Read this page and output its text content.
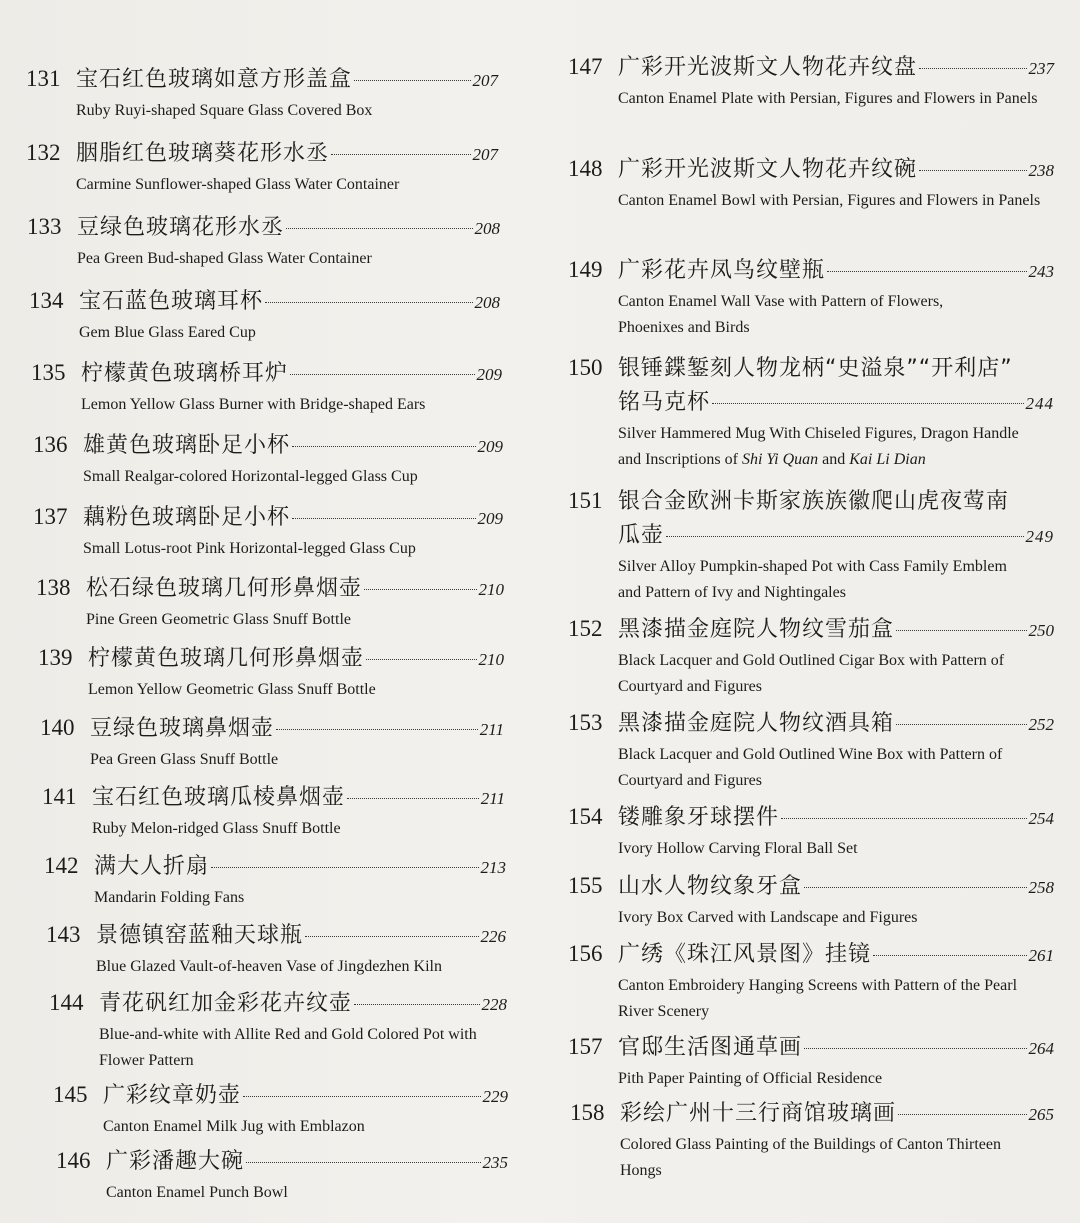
131 宝石红色玻璃如意方形盖盒	207
Ruby Ruyi-shaped Square Glass Covered Box
132 胭脂红色玻璃葵花形水丞	207
Carmine Sunflower-shaped Glass Water Container
133 豆绿色玻璃花形水丞	208
Pea Green Bud-shaped Glass Water Container
134 宝石蓝色玻璃耳杯	208
Gem Blue Glass Eared Cup
135 柠檬黄色玻璃桥耳炉	209
Lemon Yellow Glass Burner with Bridge-shaped Ears
136 雄黄色玻璃卧足小杯	209
Small Realgar-colored Horizontal-legged Glass Cup
137 藕粉色玻璃卧足小杯	209
Small Lotus-root Pink Horizontal-legged Glass Cup
138 松石绿色玻璃几何形鼻烟壶	210
Pine Green Geometric Glass Snuff Bottle
139 柠檬黄色玻璃几何形鼻烟壶	210
Lemon Yellow Geometric Glass Snuff Bottle
140 豆绿色玻璃鼻烟壶	211
Pea Green Glass Snuff Bottle
141 宝石红色玻璃瓜棱鼻烟壶	211
Ruby Melon-ridged Glass Snuff Bottle
142 满大人折扇	213
Mandarin Folding Fans
143 景德镇窑蓝釉天球瓶	226
Blue Glazed Vault-of-heaven Vase of Jingdezhen Kiln
144 青花矾红加金彩花卉纹壶	228
Blue-and-white with Allite Red and Gold Colored Pot with Flower Pattern
145 广彩纹章奶壶	229
Canton Enamel Milk Jug with Emblazon
146 广彩潘趣大碗	235
Canton Enamel Punch Bowl
147 广彩开光波斯文人物花卉纹盘	237
Canton Enamel Plate with Persian, Figures and Flowers in Panels
148 广彩开光波斯文人物花卉纹碗	238
Canton Enamel Bowl with Persian, Figures and Flowers in Panels
149 广彩花卉凤鸟纹壁瓶	243
Canton Enamel Wall Vase with Pattern of Flowers, Phoenixes and Birds
150 银锤鍱錾刻人物龙柄“史溢泉”“开利店”
铭马克杯	244
Silver Hammered Mug With Chiseled Figures, Dragon Handle and Inscriptions of Shi Yi Quan and Kai Li Dian
151 银合金欧洲卡斯家族族徽爬山虎夜莺南
瓜壶	249
Silver Alloy Pumpkin-shaped Pot with Cass Family Emblem and Pattern of Ivy and Nightingales
152 黑漆描金庭院人物纹雪茄盒	250
Black Lacquer and Gold Outlined Cigar Box with Pattern of Courtyard and Figures
153 黑漆描金庭院人物纹酒具箱	252
Black Lacquer and Gold Outlined Wine Box with Pattern of Courtyard and Figures
154 镂雕象牙球摆件	254
Ivory Hollow Carving Floral Ball Set
155 山水人物纹象牙盒	258
Ivory Box Carved with Landscape and Figures
156 广绣《珠江风景图》挂镜	261
Canton Embroidery Hanging Screens with Pattern of the Pearl River Scenery
157 官邸生活图通草画	264
Pith Paper Painting of Official Residence
158 彩绘广州十三行商馆玻璃画	265
Colored Glass Painting of the Buildings of Canton Thirteen Hongs
